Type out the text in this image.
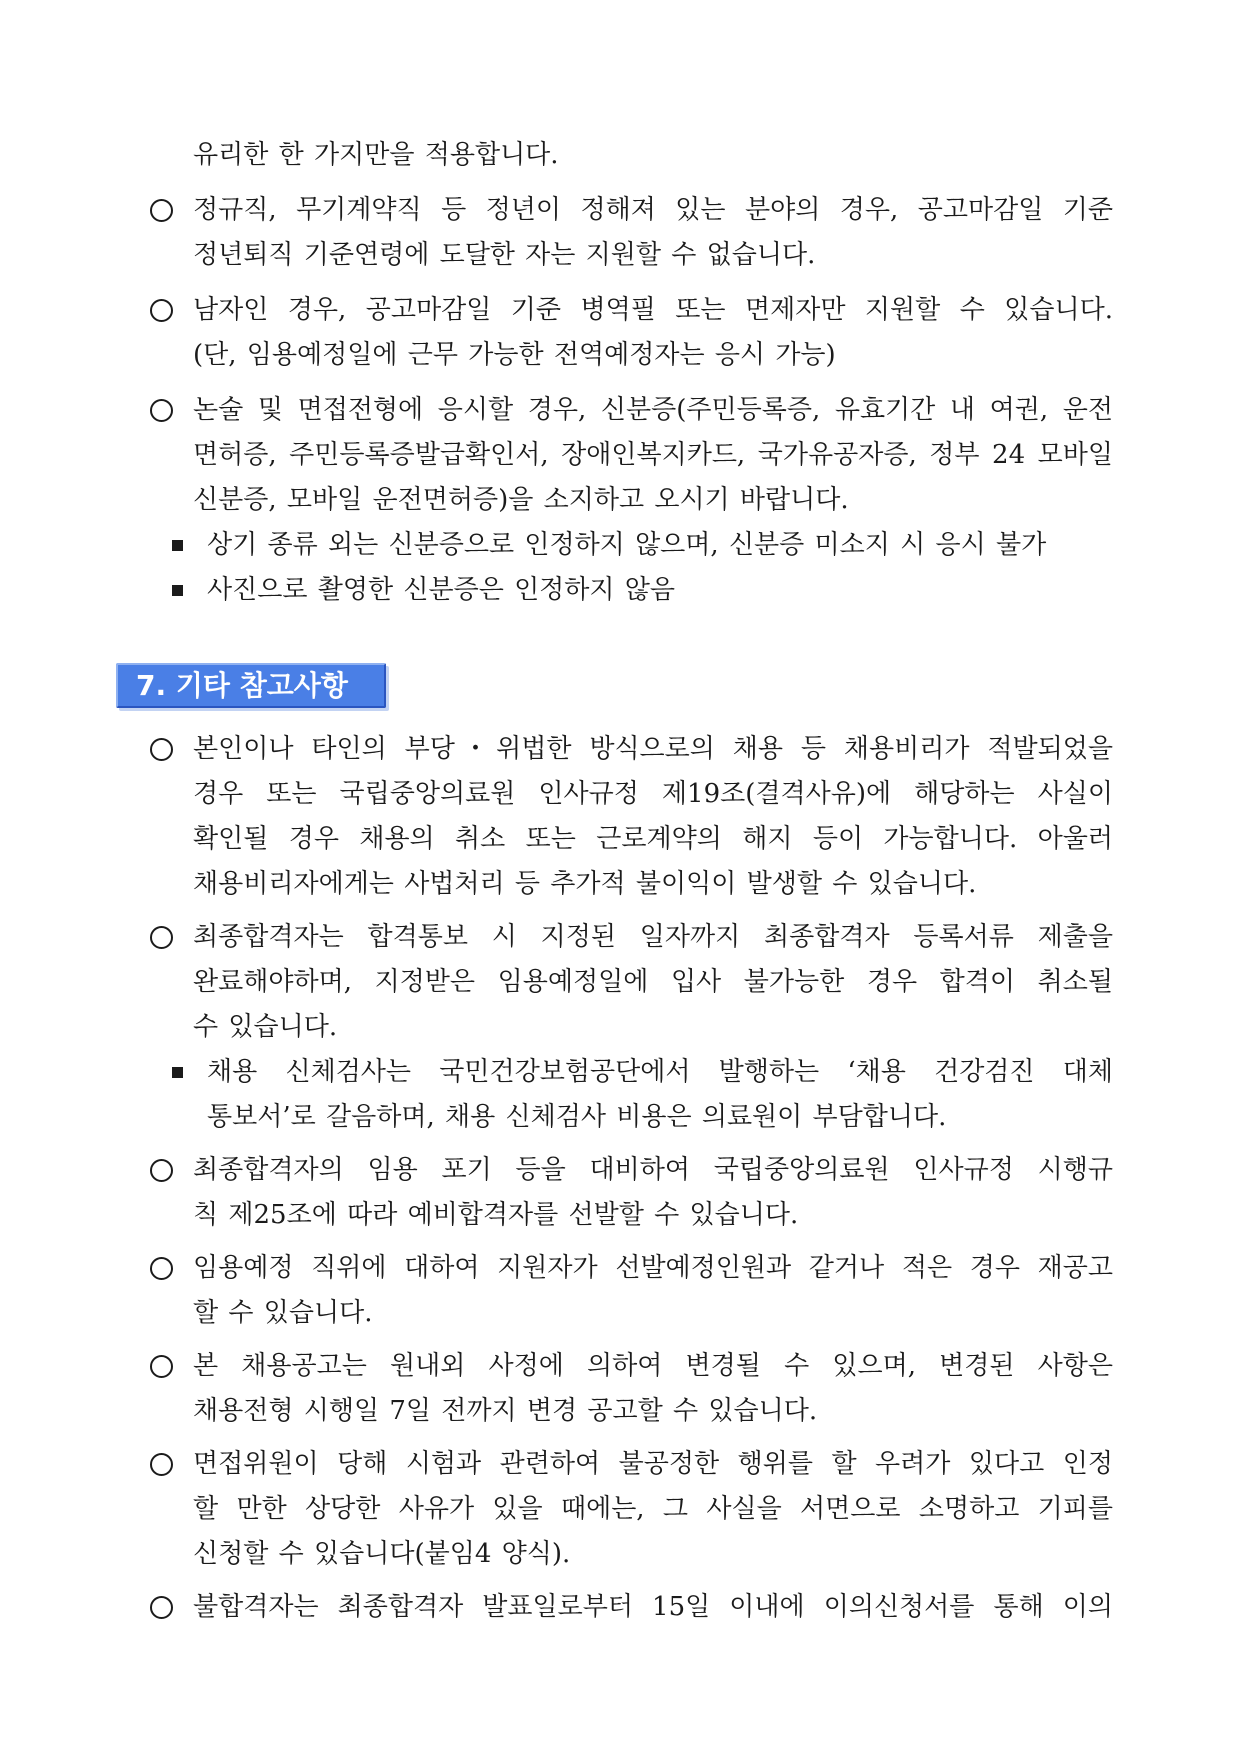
유리한 한 가지만을 적용합니다.
정규직, 무기계약직 등 정년이 정해져 있는 분야의 경우, 공고마감일 기준
정년퇴직 기준연령에 도달한 자는 지원할 수 없습니다.
남자인 경우, 공고마감일 기준 병역필 또는 면제자만 지원할 수 있습니다.
(단, 임용예정일에 근무 가능한 전역예정자는 응시 가능)
논술 및 면접전형에 응시할 경우, 신분증(주민등록증, 유효기간 내 여권, 운전
면허증, 주민등록증발급확인서, 장애인복지카드, 국가유공자증, 정부 24 모바일
신분증, 모바일 운전면허증)을 소지하고 오시기 바랍니다.
상기 종류 외는 신분증으로 인정하지 않으며, 신분증 미소지 시 응시 불가
사진으로 촬영한 신분증은 인정하지 않음
7. 기타 참고사항
본인이나 타인의 부당・위법한 방식으로의 채용 등 채용비리가 적발되었을
경우 또는 국립중앙의료원 인사규정 제19조(결격사유)에 해당하는 사실이
확인될 경우 채용의 취소 또는 근로계약의 해지 등이 가능합니다. 아울러
채용비리자에게는 사법처리 등 추가적 불이익이 발생할 수 있습니다.
최종합격자는 합격통보 시 지정된 일자까지 최종합격자 등록서류 제출을
완료해야하며, 지정받은 임용예정일에 입사 불가능한 경우 합격이 취소될
수 있습니다.
채용 신체검사는 국민건강보험공단에서 발행하는 ‘채용 건강검진 대체
통보서’로 갈음하며, 채용 신체검사 비용은 의료원이 부담합니다.
최종합격자의 임용 포기 등을 대비하여 국립중앙의료원 인사규정 시행규
칙 제25조에 따라 예비합격자를 선발할 수 있습니다.
임용예정 직위에 대하여 지원자가 선발예정인원과 같거나 적은 경우 재공고
할 수 있습니다.
본 채용공고는 원내외 사정에 의하여 변경될 수 있으며, 변경된 사항은
채용전형 시행일 7일 전까지 변경 공고할 수 있습니다.
면접위원이 당해 시험과 관련하여 불공정한 행위를 할 우려가 있다고 인정
할 만한 상당한 사유가 있을 때에는, 그 사실을 서면으로 소명하고 기피를
신청할 수 있습니다(붙임4 양식).
불합격자는 최종합격자 발표일로부터 15일 이내에 이의신청서를 통해 이의
